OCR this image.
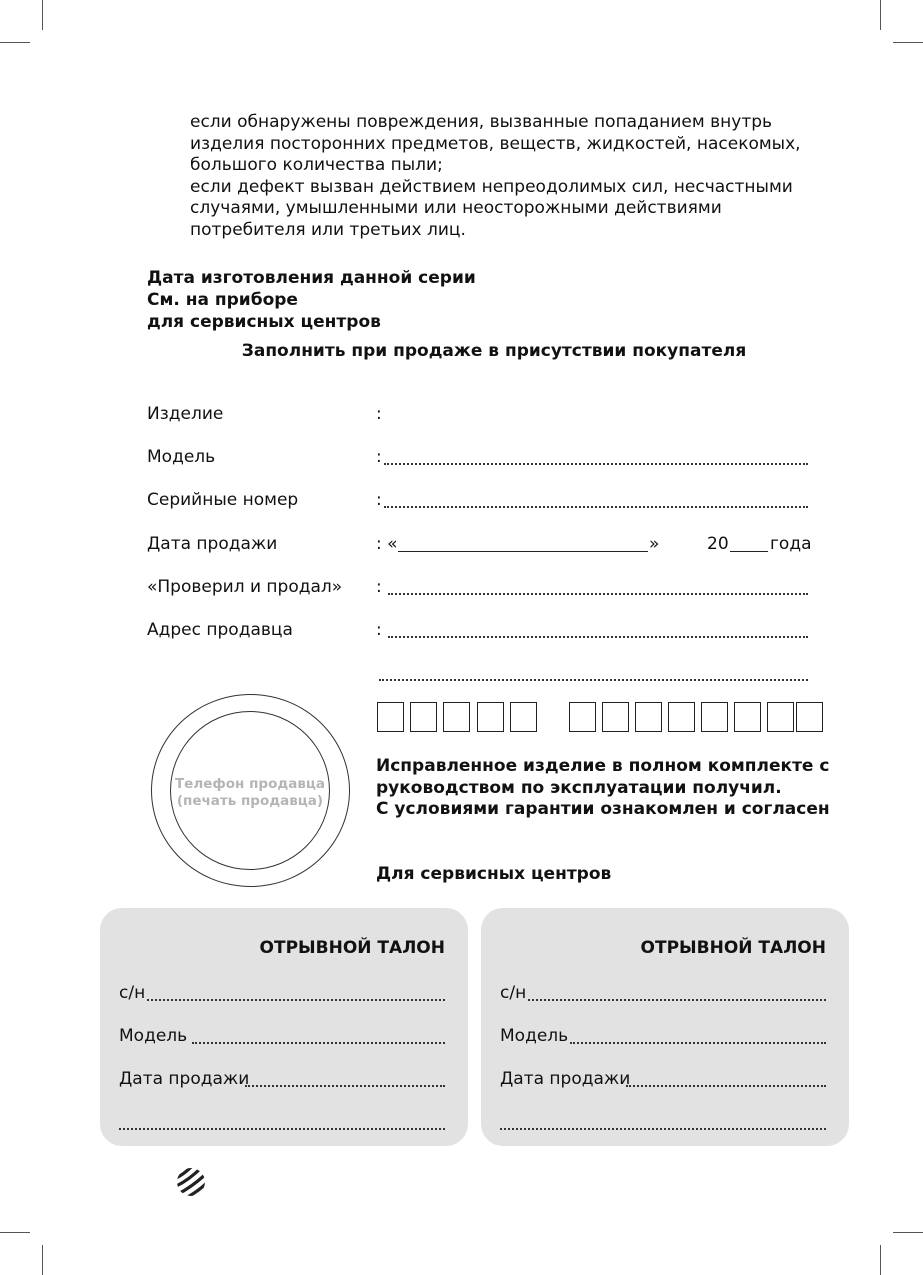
если обнаружены повреждения, вызванные попаданием внутрь изделия посторонних предметов, веществ, жидкостей, насекомых, большого количества пыли;

если дефект вызван действием непреодолимых сил, несчастными случаями, умышленными или неосторожными действиями потребителя или третьих лиц.

Дата изготовления данной серии
См. на приборе
для сервисных центров
Заполнить при продаже в присутствии покупателя
Изделие	:
Модель	:
Серийные номер	:
Дата продажи	: «	»	20 года
«Проверил и продал» :
Адрес продавца	:
Телефон продавца
(печать продавца)
Исправленное изделие в полном комплекте с
руководством по эксплуатации получил.
С условиями гарантии ознакомлен и согласен
Для сервисных центров
ОТРЫВНОЙ ТАЛОН
с/н
Модель
Дата продажи
ОТРЫВНОЙ ТАЛОН
с/н
Модель
Дата продажи
